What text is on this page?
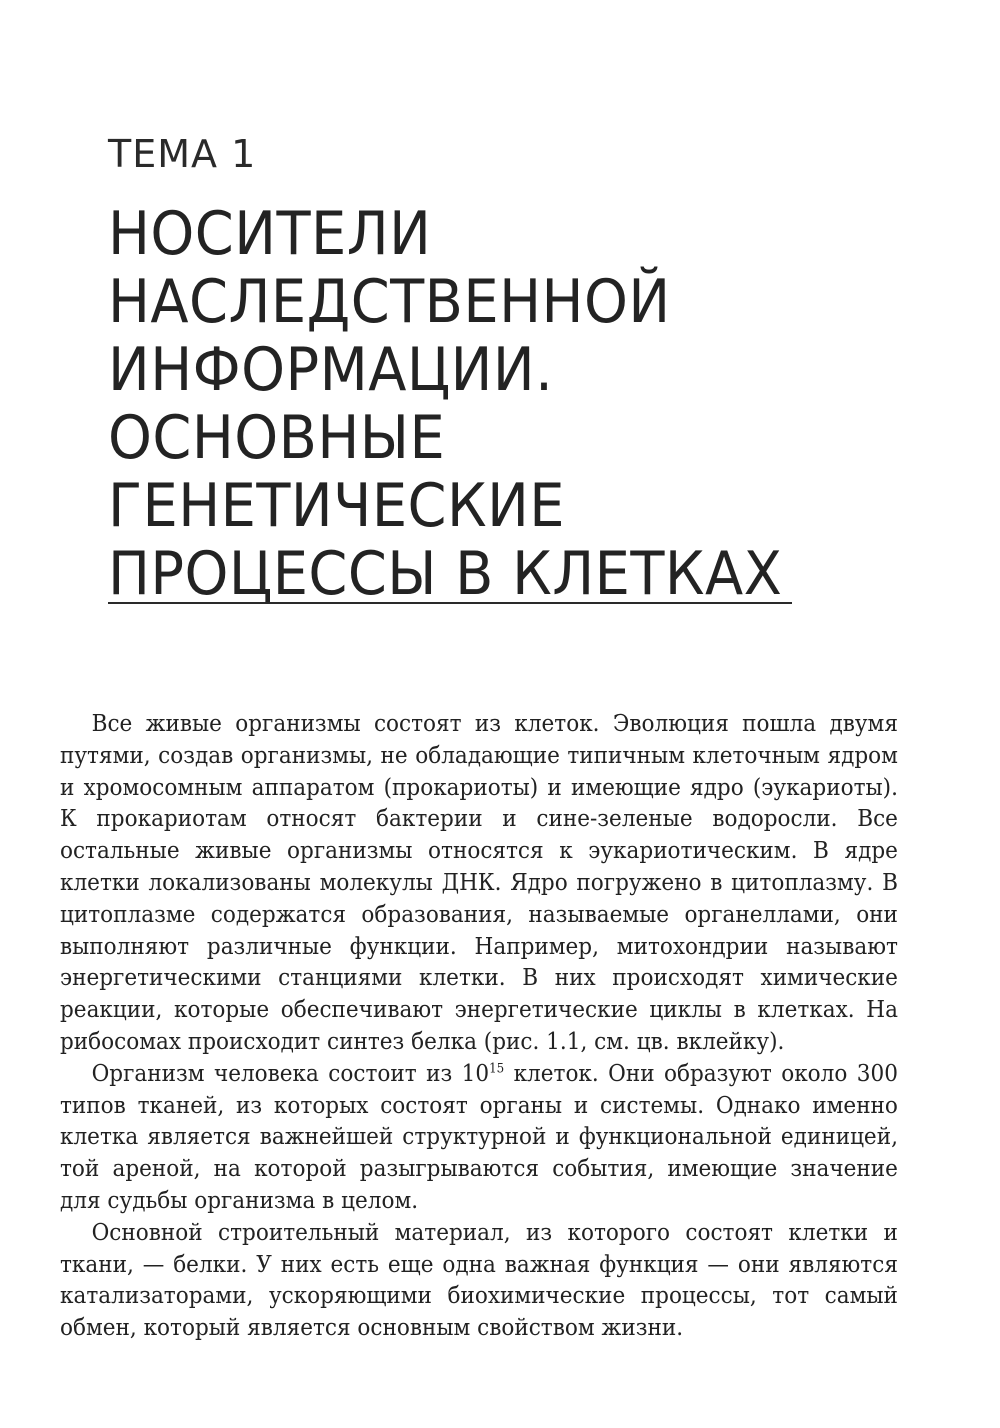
ТЕМА 1
НОСИТЕЛИ
НАСЛЕДСТВЕННОЙ
ИНФОРМАЦИИ.
ОСНОВНЫЕ
ГЕНЕТИЧЕСКИЕ
ПРОЦЕССЫ В КЛЕТКАХ

Все живые организмы состоят из клеток. Эволюция пошла двумя путями, создав организмы, не обладающие типичным клеточным ядром и хромосомным аппаратом (прокариоты) и имеющие ядро (эукариоты). К прокариотам относят бактерии и сине-зеленые водоросли. Все остальные живые организмы относятся к эукариотическим. В ядре клетки локализованы молекулы ДНК. Ядро погружено в цитоплазму. В цитоплазме содержатся образования, называемые органеллами, они выполняют различные функции. Например, митохондрии называют энергетическими станциями клетки. В них происходят химические реакции, которые обеспечивают энергетические циклы в клетках. На рибосомах происходит синтез белка (рис. 1.1, см. цв. вклейку).

Организм человека состоит из $10^{15}$ клеток. Они образуют около 300 типов тканей, из которых состоят органы и системы. Однако именно клетка является важнейшей структурной и функциональной единицей, той ареной, на которой разыгрываются события, имеющие значение для судьбы организма в целом.

Основной строительный материал, из которого состоят клетки и ткани, — белки. У них есть еще одна важная функция — они являются катализаторами, ускоряющими биохимические процессы, тот самый обмен, который является основным свойством жизни.
